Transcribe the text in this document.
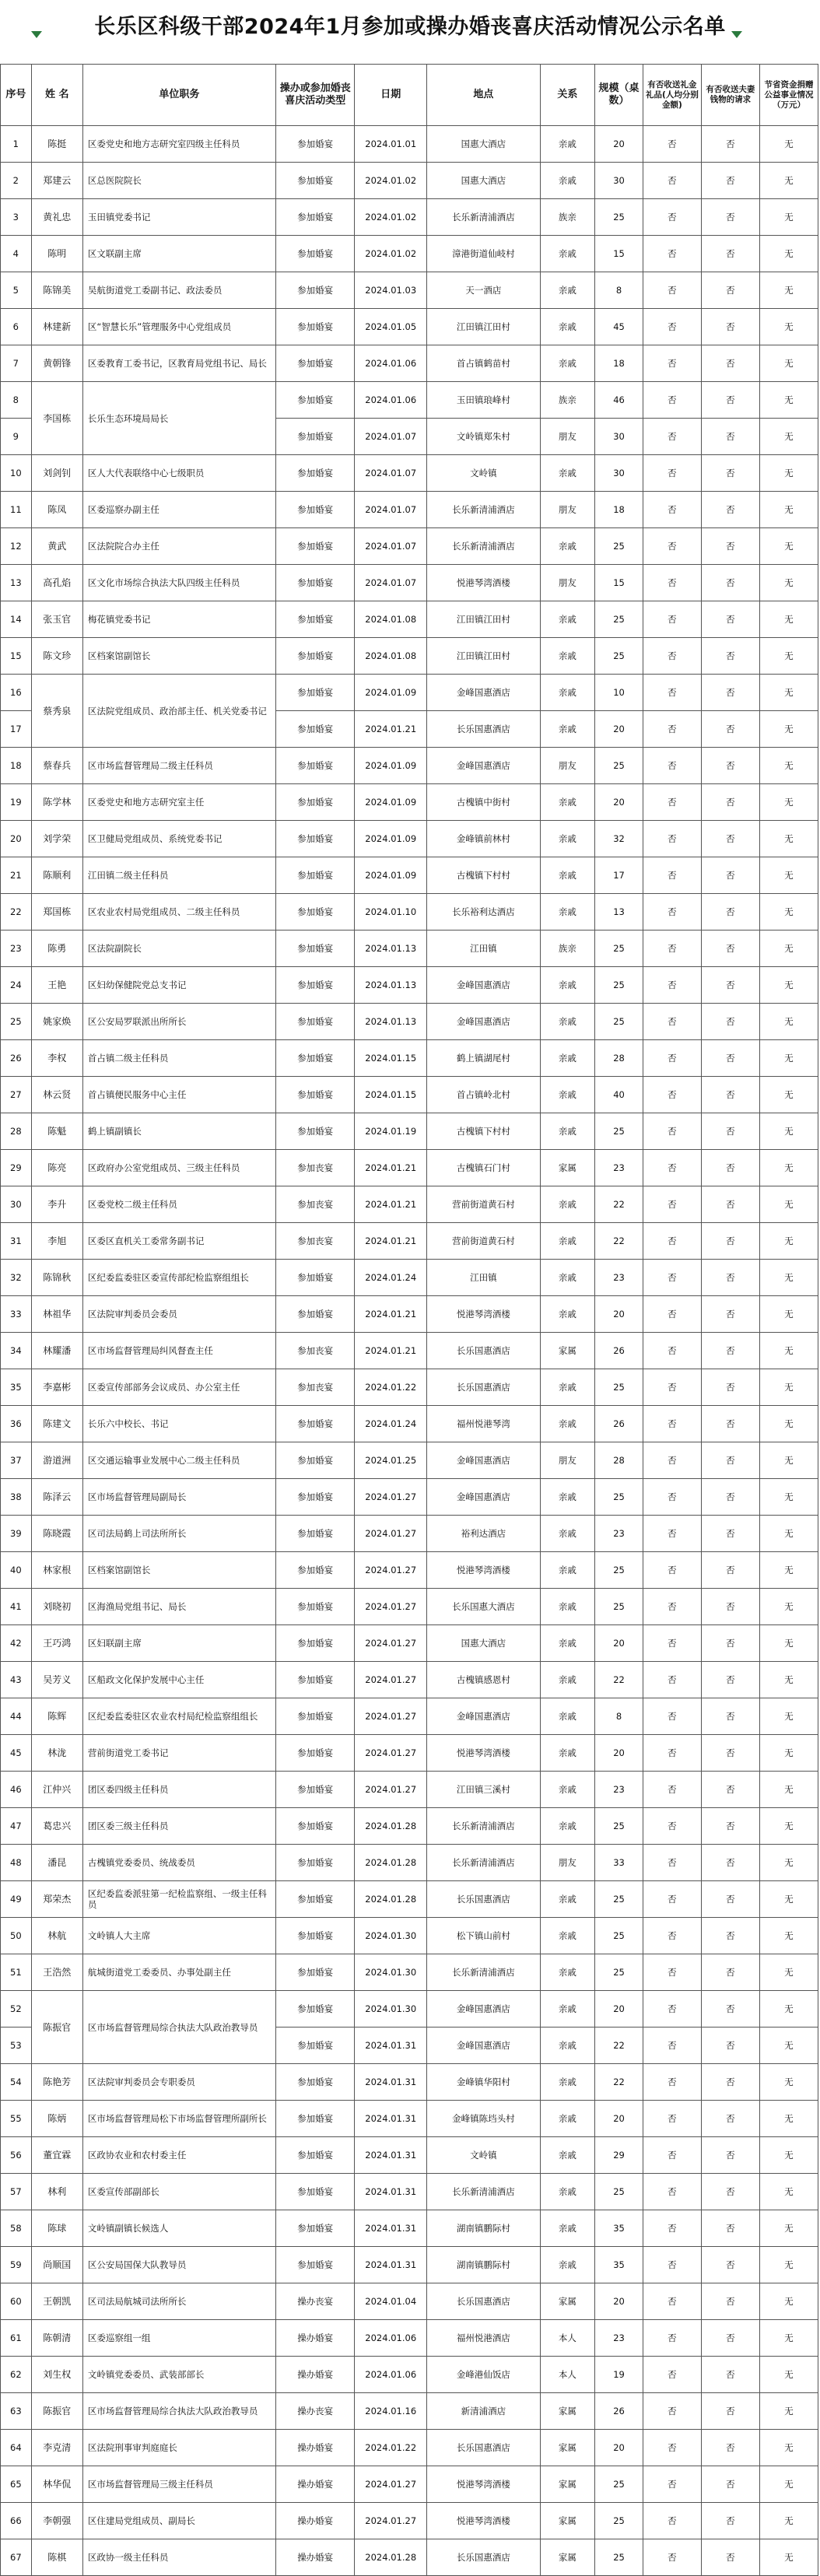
长乐区科级干部2024年1月参加或操办婚丧喜庆活动情况公示名单
序号	姓 名	单位职务	操办或参加婚丧喜庆活动类型	日期	地点	关系	规模（桌数）	有否收送礼金礼品(人均分别金额)	有否收送夫妻钱物的请求	节省资金捐赠公益事业情况（万元）
1	陈挺	区委党史和地方志研究室四级主任科员	参加婚宴	2024.01.01	国惠大酒店	亲戚	20	否	否	无
2	郑建云	区总医院院长	参加婚宴	2024.01.02	国惠大酒店	亲戚	30	否	否	无
3	黄礼忠	玉田镇党委书记	参加婚宴	2024.01.02	长乐新清浦酒店	族亲	25	否	否	无
4	陈明	区文联副主席	参加婚宴	2024.01.02	漳港街道仙岐村	亲戚	15	否	否	无
5	陈锦美	吴航街道党工委副书记、政法委员	参加婚宴	2024.01.03	天一酒店	亲戚	8	否	否	无
6	林建新	区“智慧长乐”管理服务中心党组成员	参加婚宴	2024.01.05	江田镇江田村	亲戚	45	否	否	无
7	黄朝锋	区委教育工委书记，区教育局党组书记、局长	参加婚宴	2024.01.06	首占镇鹤苗村	亲戚	18	否	否	无
8	李国栋	长乐生态环境局局长	参加婚宴	2024.01.06	玉田镇琅峰村	族亲	46	否	否	无
9			参加婚宴	2024.01.07	文岭镇郑朱村	朋友	30	否	否	无
10	刘剑钊	区人大代表联络中心七级职员	参加婚宴	2024.01.07	文岭镇	亲戚	30	否	否	无
11	陈凤	区委巡察办副主任	参加婚宴	2024.01.07	长乐新清浦酒店	朋友	18	否	否	无
12	黄武	区法院院合办主任	参加婚宴	2024.01.07	长乐新清浦酒店	亲戚	25	否	否	无
13	高孔焰	区文化市场综合执法大队四级主任科员	参加婚宴	2024.01.07	悦港琴湾酒楼	朋友	15	否	否	无
14	张玉官	梅花镇党委书记	参加婚宴	2024.01.08	江田镇江田村	亲戚	25	否	否	无
15	陈文珍	区档案馆副馆长	参加婚宴	2024.01.08	江田镇江田村	亲戚	25	否	否	无
16	蔡秀泉	区法院党组成员、政治部主任、机关党委书记	参加婚宴	2024.01.09	金峰国惠酒店	亲戚	10	否	否	无
17			参加婚宴	2024.01.21	长乐国惠酒店	亲戚	20	否	否	无
18	蔡春兵	区市场监督管理局二级主任科员	参加婚宴	2024.01.09	金峰国惠酒店	朋友	25	否	否	无
19	陈学林	区委党史和地方志研究室主任	参加婚宴	2024.01.09	古槐镇中街村	亲戚	20	否	否	无
20	刘学荣	区卫健局党组成员、系统党委书记	参加婚宴	2024.01.09	金峰镇前林村	亲戚	32	否	否	无
21	陈顺利	江田镇二级主任科员	参加婚宴	2024.01.09	古槐镇下村村	亲戚	17	否	否	无
22	郑国栋	区农业农村局党组成员、二级主任科员	参加婚宴	2024.01.10	长乐裕利达酒店	亲戚	13	否	否	无
23	陈勇	区法院副院长	参加婚宴	2024.01.13	江田镇	族亲	25	否	否	无
24	王艳	区妇幼保健院党总支书记	参加婚宴	2024.01.13	金峰国惠酒店	亲戚	25	否	否	无
25	姚家焕	区公安局罗联派出所所长	参加婚宴	2024.01.13	金峰国惠酒店	亲戚	25	否	否	无
26	李权	首占镇二级主任科员	参加婚宴	2024.01.15	鹤上镇湖尾村	亲戚	28	否	否	无
27	林云贤	首占镇便民服务中心主任	参加婚宴	2024.01.15	首占镇岭北村	亲戚	40	否	否	无
28	陈魁	鹤上镇副镇长	参加婚宴	2024.01.19	古槐镇下村村	亲戚	25	否	否	无
29	陈亮	区政府办公室党组成员、三级主任科员	参加丧宴	2024.01.21	古槐镇石门村	家属	23	否	否	无
30	李升	区委党校二级主任科员	参加丧宴	2024.01.21	营前街道黄石村	亲戚	22	否	否	无
31	李旭	区委区直机关工委常务副书记	参加丧宴	2024.01.21	营前街道黄石村	亲戚	22	否	否	无
32	陈锦秋	区纪委监委驻区委宣传部纪检监察组组长	参加婚宴	2024.01.24	江田镇	亲戚	23	否	否	无
33	林祖华	区法院审判委员会委员	参加婚宴	2024.01.21	悦港琴湾酒楼	亲戚	20	否	否	无
34	林耀潘	区市场监督管理局纠风督查主任	参加丧宴	2024.01.21	长乐国惠酒店	家属	26	否	否	无
35	李嘉彬	区委宣传部部务会议成员、办公室主任	参加丧宴	2024.01.22	长乐国惠酒店	亲戚	25	否	否	无
36	陈建文	长乐六中校长、书记	参加婚宴	2024.01.24	福州悦港琴湾	亲戚	26	否	否	无
37	游道洲	区交通运输事业发展中心二级主任科员	参加婚宴	2024.01.25	金峰国惠酒店	朋友	28	否	否	无
38	陈泽云	区市场监督管理局副局长	参加婚宴	2024.01.27	金峰国惠酒店	亲戚	25	否	否	无
39	陈晓霞	区司法局鹤上司法所所长	参加婚宴	2024.01.27	裕利达酒店	亲戚	23	否	否	无
40	林家根	区档案馆副馆长	参加婚宴	2024.01.27	悦港琴湾酒楼	亲戚	25	否	否	无
41	刘晓初	区海渔局党组书记、局长	参加婚宴	2024.01.27	长乐国惠大酒店	亲戚	25	否	否	无
42	王巧鸿	区妇联副主席	参加婚宴	2024.01.27	国惠大酒店	亲戚	20	否	否	无
43	吴芳义	区船政文化保护发展中心主任	参加婚宴	2024.01.27	古槐镇感恩村	亲戚	22	否	否	无
44	陈辉	区纪委监委驻区农业农村局纪检监察组组长	参加婚宴	2024.01.27	金峰国惠酒店	亲戚	8	否	否	无
45	林泷	营前街道党工委书记	参加婚宴	2024.01.27	悦港琴湾酒楼	亲戚	20	否	否	无
46	江仲兴	团区委四级主任科员	参加婚宴	2024.01.27	江田镇三溪村	亲戚	23	否	否	无
47	葛忠兴	团区委三级主任科员	参加婚宴	2024.01.28	长乐新清浦酒店	亲戚	25	否	否	无
48	潘昆	古槐镇党委委员、统战委员	参加婚宴	2024.01.28	长乐新清浦酒店	朋友	33	否	否	无
49	郑荣杰	区纪委监委派驻第一纪检监察组、一级主任科员	参加婚宴	2024.01.28	长乐国惠酒店	亲戚	25	否	否	无
50	林航	文岭镇人大主席	参加婚宴	2024.01.30	松下镇山前村	亲戚	25	否	否	无
51	王浩然	航城街道党工委委员、办事处副主任	参加婚宴	2024.01.30	长乐新清浦酒店	亲戚	25	否	否	无
52	陈振官	区市场监督管理局综合执法大队政治教导员	参加婚宴	2024.01.30	金峰国惠酒店	亲戚	20	否	否	无
53			参加婚宴	2024.01.31	金峰国惠酒店	亲戚	22	否	否	无
54	陈艳芳	区法院审判委员会专职委员	参加婚宴	2024.01.31	金峰镇华阳村	亲戚	22	否	否	无
55	陈炳	区市场监督管理局松下市场监督管理所副所长	参加婚宴	2024.01.31	金峰镇陈垱头村	亲戚	20	否	否	无
56	董宜霖	区政协农业和农村委主任	参加婚宴	2024.01.31	文岭镇	亲戚	29	否	否	无
57	林利	区委宣传部副部长	参加婚宴	2024.01.31	长乐新清浦酒店	亲戚	25	否	否	无
58	陈球	文岭镇副镇长候选人	参加婚宴	2024.01.31	湖南镇鹏际村	亲戚	35	否	否	无
59	尚顺国	区公安局国保大队教导员	参加婚宴	2024.01.31	湖南镇鹏际村	亲戚	35	否	否	无
60	王朝凯	区司法局航城司法所所长	操办丧宴	2024.01.04	长乐国惠酒店	家属	20	否	否	无
61	陈朝清	区委巡察组一组	操办婚宴	2024.01.06	福州悦港酒店	本人	23	否	否	无
62	刘生权	文岭镇党委委员、武装部部长	操办婚宴	2024.01.06	金峰港仙饭店	本人	19	否	否	无
63	陈振官	区市场监督管理局综合执法大队政治教导员	操办丧宴	2024.01.16	新清浦酒店	家属	26	否	否	无
64	李克清	区法院刑事审判庭庭长	操办婚宴	2024.01.22	长乐国惠酒店	家属	20	否	否	无
65	林华侃	区市场监督管理局三级主任科员	操办婚宴	2024.01.27	悦港琴湾酒楼	家属	25	否	否	无
66	李朝强	区住建局党组成员、副局长	操办婚宴	2024.01.27	悦港琴湾酒楼	家属	25	否	否	无
67	陈棋	区政协一级主任科员	操办婚宴	2024.01.28	长乐国惠酒店	家属	25	否	否	无
